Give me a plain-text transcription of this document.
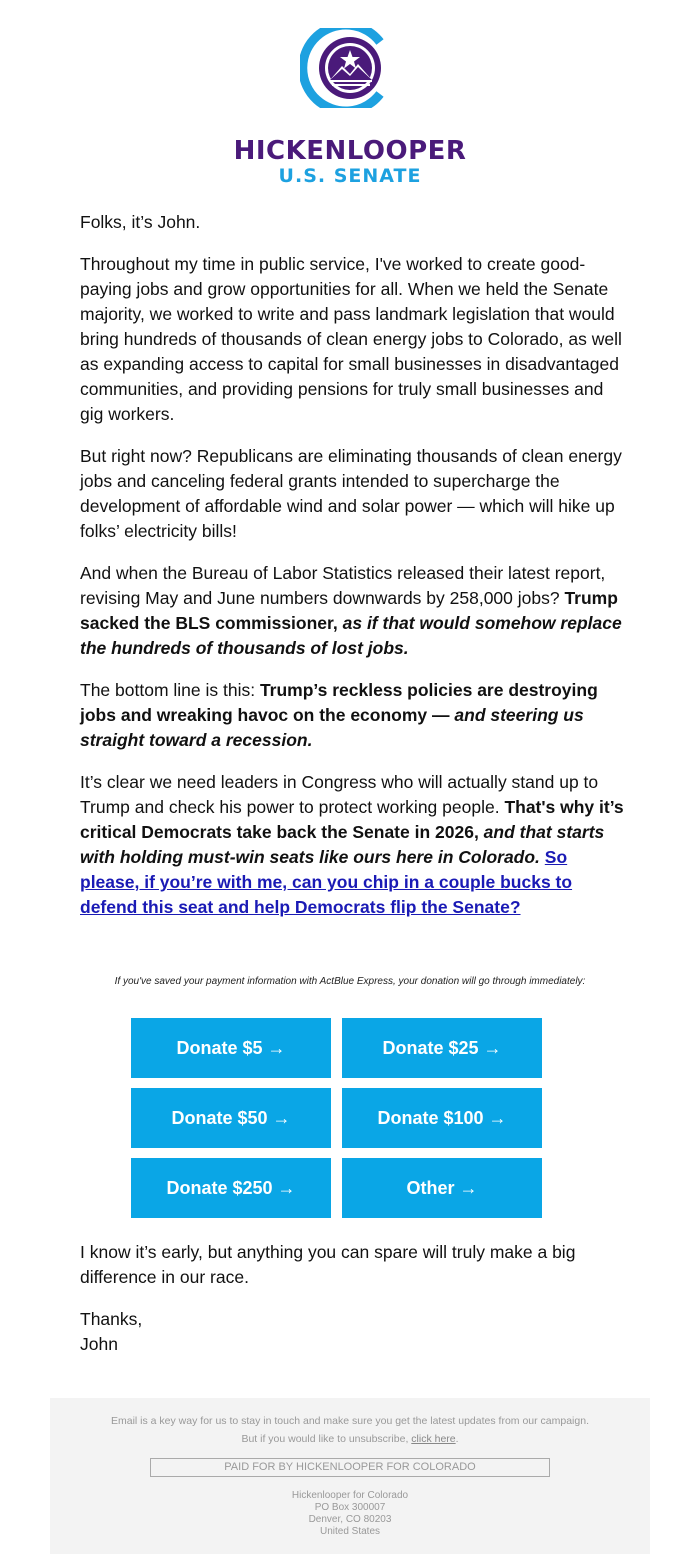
HICKENLOOPER
U.S. SENATE

Folks, it’s John.

Throughout my time in public service, I've worked to create good-paying jobs and grow opportunities for all. When we held the Senate majority, we worked to write and pass landmark legislation that would bring hundreds of thousands of clean energy jobs to Colorado, as well as expanding access to capital for small businesses in disadvantaged communities, and providing pensions for truly small businesses and gig workers.

But right now? Republicans are eliminating thousands of clean energy jobs and canceling federal grants intended to supercharge the development of affordable wind and solar power — which will hike up folks’ electricity bills!

And when the Bureau of Labor Statistics released their latest report, revising May and June numbers downwards by 258,000 jobs? Trump sacked the BLS commissioner, as if that would somehow replace the hundreds of thousands of lost jobs.

The bottom line is this: Trump’s reckless policies are destroying jobs and wreaking havoc on the economy — and steering us straight toward a recession.

It’s clear we need leaders in Congress who will actually stand up to Trump and check his power to protect working people. That's why it’s critical Democrats take back the Senate in 2026, and that starts with holding must-win seats like ours here in Colorado. So please, if you’re with me, can you chip in a couple bucks to defend this seat and help Democrats flip the Senate?

If you've saved your payment information with ActBlue Express, your donation will go through immediately:
Donate $5 →	Donate $25 →
Donate $50 →	Donate $100 →
Donate $250 →	Other →

I know it’s early, but anything you can spare will truly make a big difference in our race.

Thanks,
John
Email is a key way for us to stay in touch and make sure you get the latest updates from our campaign.
But if you would like to unsubscribe, click here.
PAID FOR BY HICKENLOOPER FOR COLORADO
Hickenlooper for Colorado
PO Box 300007
Denver, CO 80203
United States
